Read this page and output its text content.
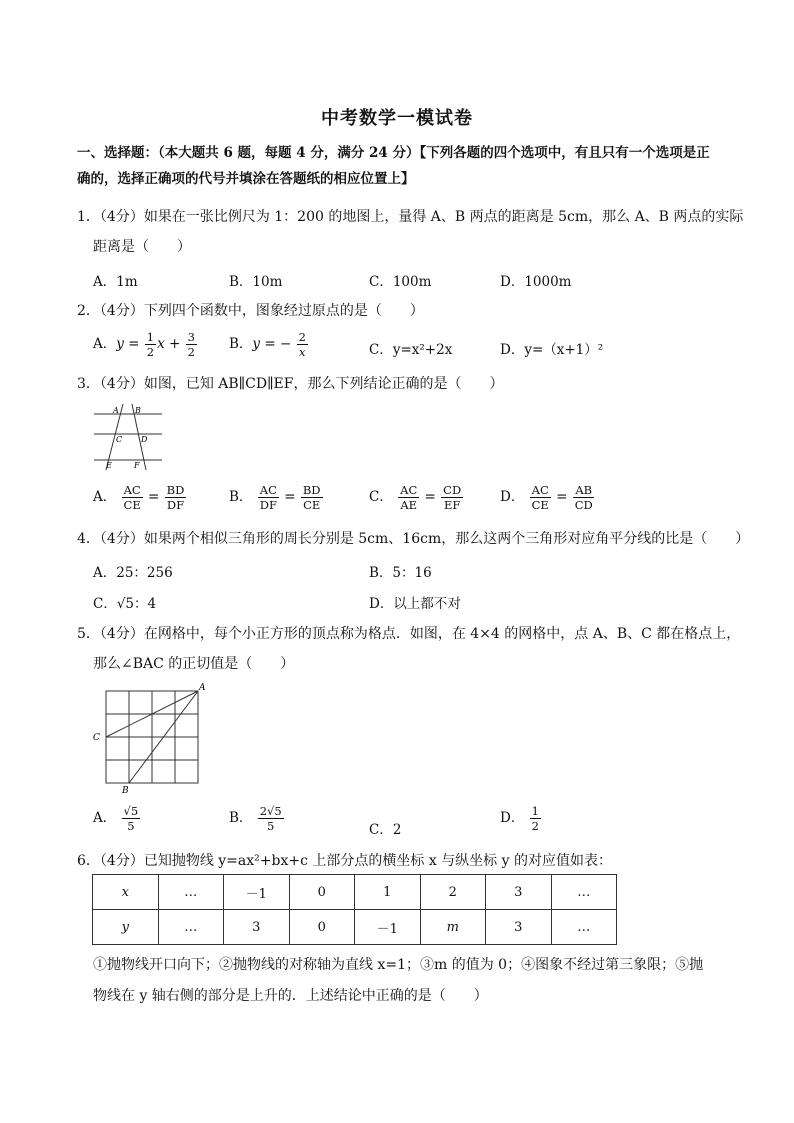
中考数学一模试卷
一、选择题：（本大题共 6 题，每题 4 分，满分 24 分）【下列各题的四个选项中，有且只有一个选项是正确的，选择正确项的代号并填涂在答题纸的相应位置上】
1．（4分）如果在一张比例尺为 1：200 的地图上，量得 A、B 两点的距离是 5cm，那么 A、B 两点的实际
距离是（　　）
A．1m	B．10m	C．100m	D．1000m
2．（4分）下列四个函数中，图象经过原点的是（　　）
A．$y = \frac{1}{2}$ $x + \frac{3}{2}$ B．y = − $\frac{2}{x}$	C．y=x²+2x	D．y=（x+1）²
3．（4分）如图，已知 AB∥CD∥EF，那么下列结论正确的是（　　）
A B
C D
E	F
A． $\frac{AC}{CE} = \frac{BD}{DF}$	B． $\frac{AC}{DF} = \frac{BD}{CE}$	C． $\frac{AC}{AE} = \frac{CD}{EF}$	D． $\frac{AC}{CE} = \frac{AB}{CD}$
4．（4分）如果两个相似三角形的周长分别是 5cm、16cm，那么这两个三角形对应角平分线的比是（　　）
A．25：256	B．5：16
C．√5：4	D．以上都不对
5．（4分）在网格中，每个小正方形的顶点称为格点．如图，在 4×4 的网格中，点 A、B、C 都在格点上，
那么∠BAC 的正切值是（　　）
A
B
C
A． $\frac{√5}{5}$	B． $\frac{2√5}{5}$	C．2
D． $\frac{1}{2}$
6．（4分）已知抛物线 y=ax²+bx+c 上部分点的横坐标 x 与纵坐标 y 的对应值如表：
x	…	－1	0	1	2	3	…
y	…	3	0	－1	m	3	…
①抛物线开口向下；②抛物线的对称轴为直线 x=1；③m 的值为 0；④图象不经过第三象限；⑤抛
物线在 y 轴右侧的部分是上升的．上述结论中正确的是（　　）
